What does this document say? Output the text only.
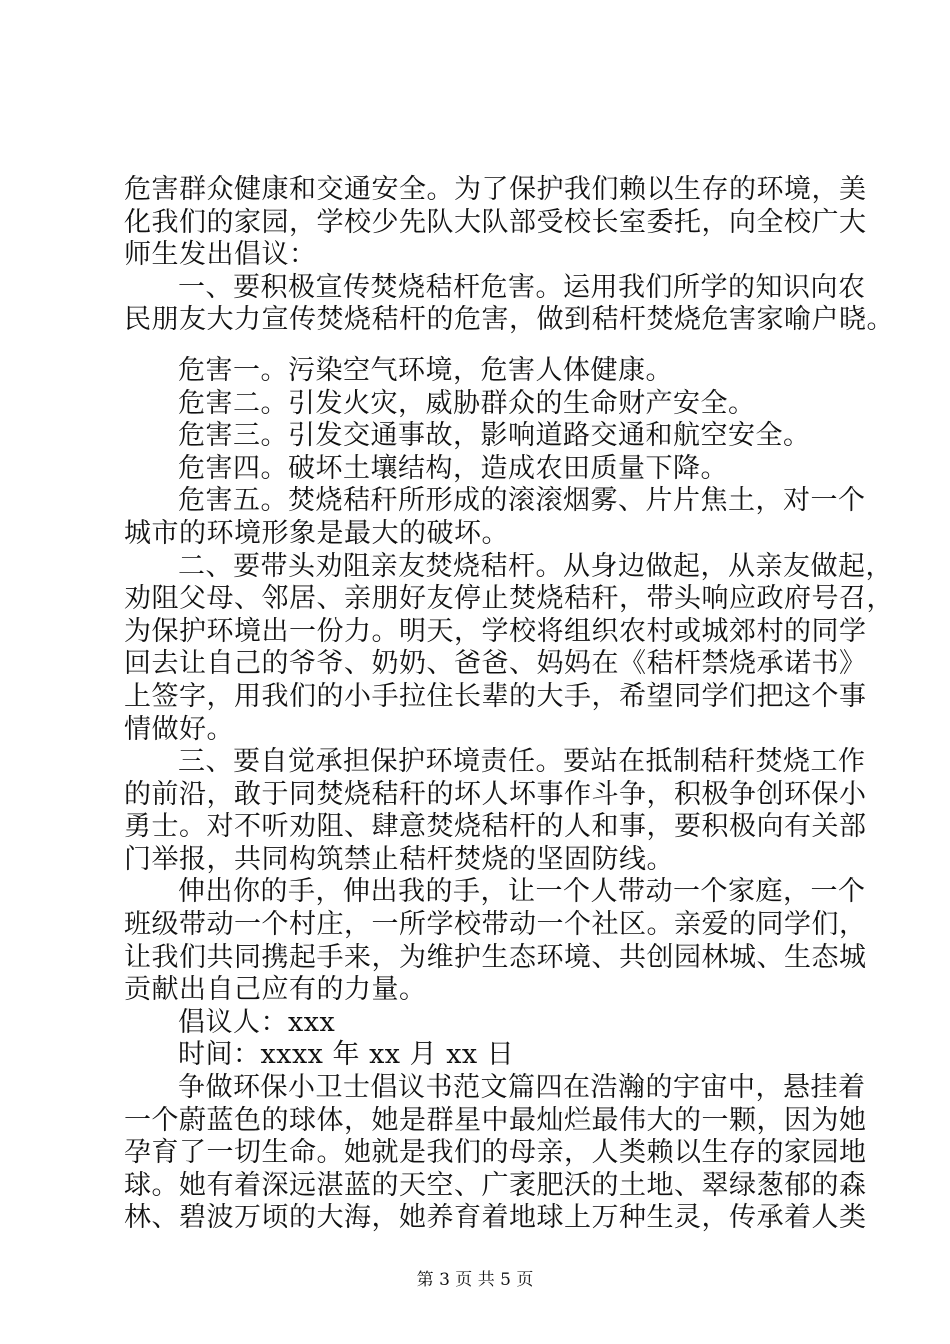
危害群众健康和交通安全。为了保护我们赖以生存的环境，美
化我们的家园，学校少先队大队部受校长室委托，向全校广大
师生发出倡议：
一、要积极宣传焚烧秸杆危害。运用我们所学的知识向农
民朋友大力宣传焚烧秸杆的危害，做到秸杆焚烧危害家喻户晓。
危害一。污染空气环境，危害人体健康。
危害二。引发火灾，威胁群众的生命财产安全。
危害三。引发交通事故，影响道路交通和航空安全。
危害四。破坏土壤结构，造成农田质量下降。
危害五。焚烧秸秆所形成的滚滚烟雾、片片焦土，对一个
城市的环境形象是最大的破坏。
二、要带头劝阻亲友焚烧秸杆。从身边做起，从亲友做起，
劝阻父母、邻居、亲朋好友停止焚烧秸秆，带头响应政府号召，
为保护环境出一份力。明天，学校将组织农村或城郊村的同学
回去让自己的爷爷、奶奶、爸爸、妈妈在《秸杆禁烧承诺书》
上签字，用我们的小手拉住长辈的大手，希望同学们把这个事
情做好。
三、要自觉承担保护环境责任。要站在抵制秸秆焚烧工作
的前沿，敢于同焚烧秸秆的坏人坏事作斗争，积极争创环保小
勇士。对不听劝阻、肆意焚烧秸杆的人和事，要积极向有关部
门举报，共同构筑禁止秸杆焚烧的坚固防线。
伸出你的手，伸出我的手，让一个人带动一个家庭，一个
班级带动一个村庄，一所学校带动一个社区。亲爱的同学们，
让我们共同携起手来，为维护生态环境、共创园林城、生态城
贡献出自己应有的力量。
倡议人：xxx
时间：xxxx 年 xx 月 xx 日
争做环保小卫士倡议书范文篇四在浩瀚的宇宙中，悬挂着
一个蔚蓝色的球体，她是群星中最灿烂最伟大的一颗，因为她
孕育了一切生命。她就是我们的母亲，人类赖以生存的家园地
球。她有着深远湛蓝的天空、广袤肥沃的土地、翠绿葱郁的森
林、碧波万顷的大海，她养育着地球上万种生灵，传承着人类
第 3 页 共 5 页
